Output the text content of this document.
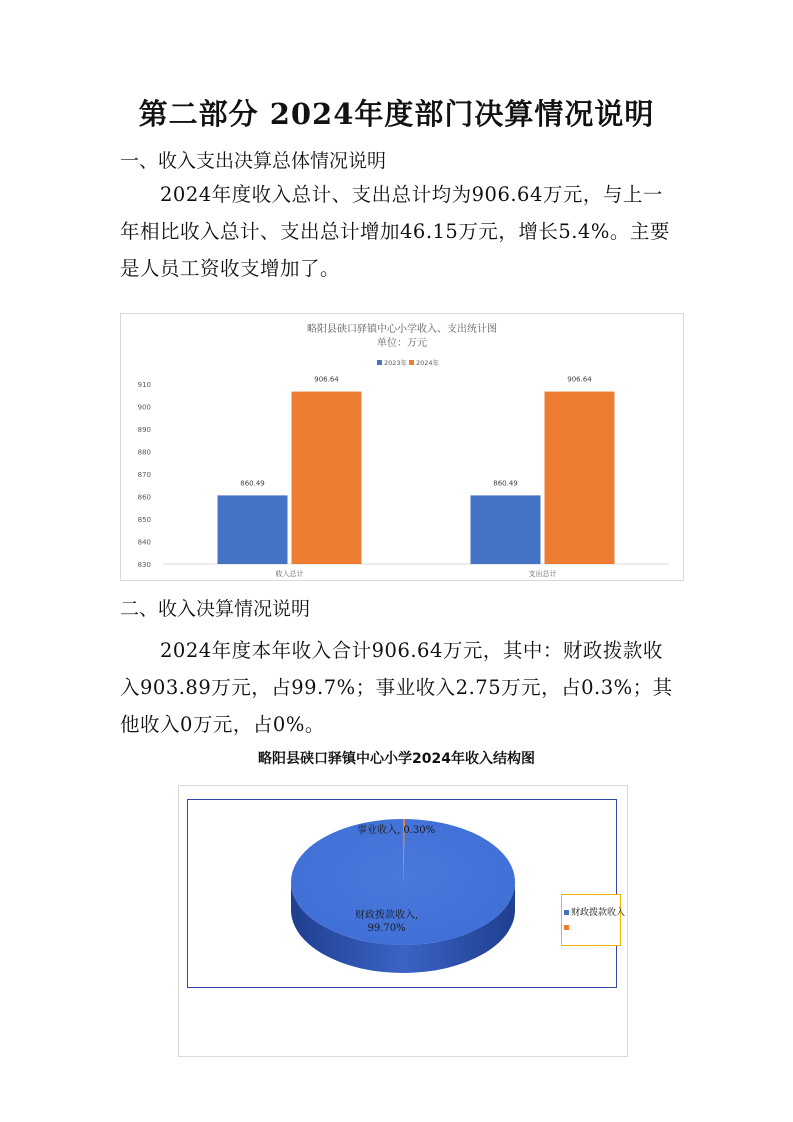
第二部分 2024年度部门决算情况说明
一、收入支出决算总体情况说明
2024年度收入总计、支出总计均为906.64万元，与上一年相比收入总计、支出总计增加46.15万元，增长5.4%。主要是人员工资收支增加了。
略阳县硖口驿镇中心小学收入、支出统计图
单位：万元
2023年 2024年
830
840
850
860
870
880
890
900
910
860.49
906.64
860.49
906.64
收入总计	支出总计
二、收入决算情况说明
2024年度本年收入合计906.64万元，其中：财政拨款收入903.89万元，占99.7%；事业收入2.75万元，占0.3%；其他收入0万元，占0%。
略阳县硖口驿镇中心小学2024年收入结构图
事业收入, 0.30%
财政拨款收入,
99.70%
财政拨款收入
